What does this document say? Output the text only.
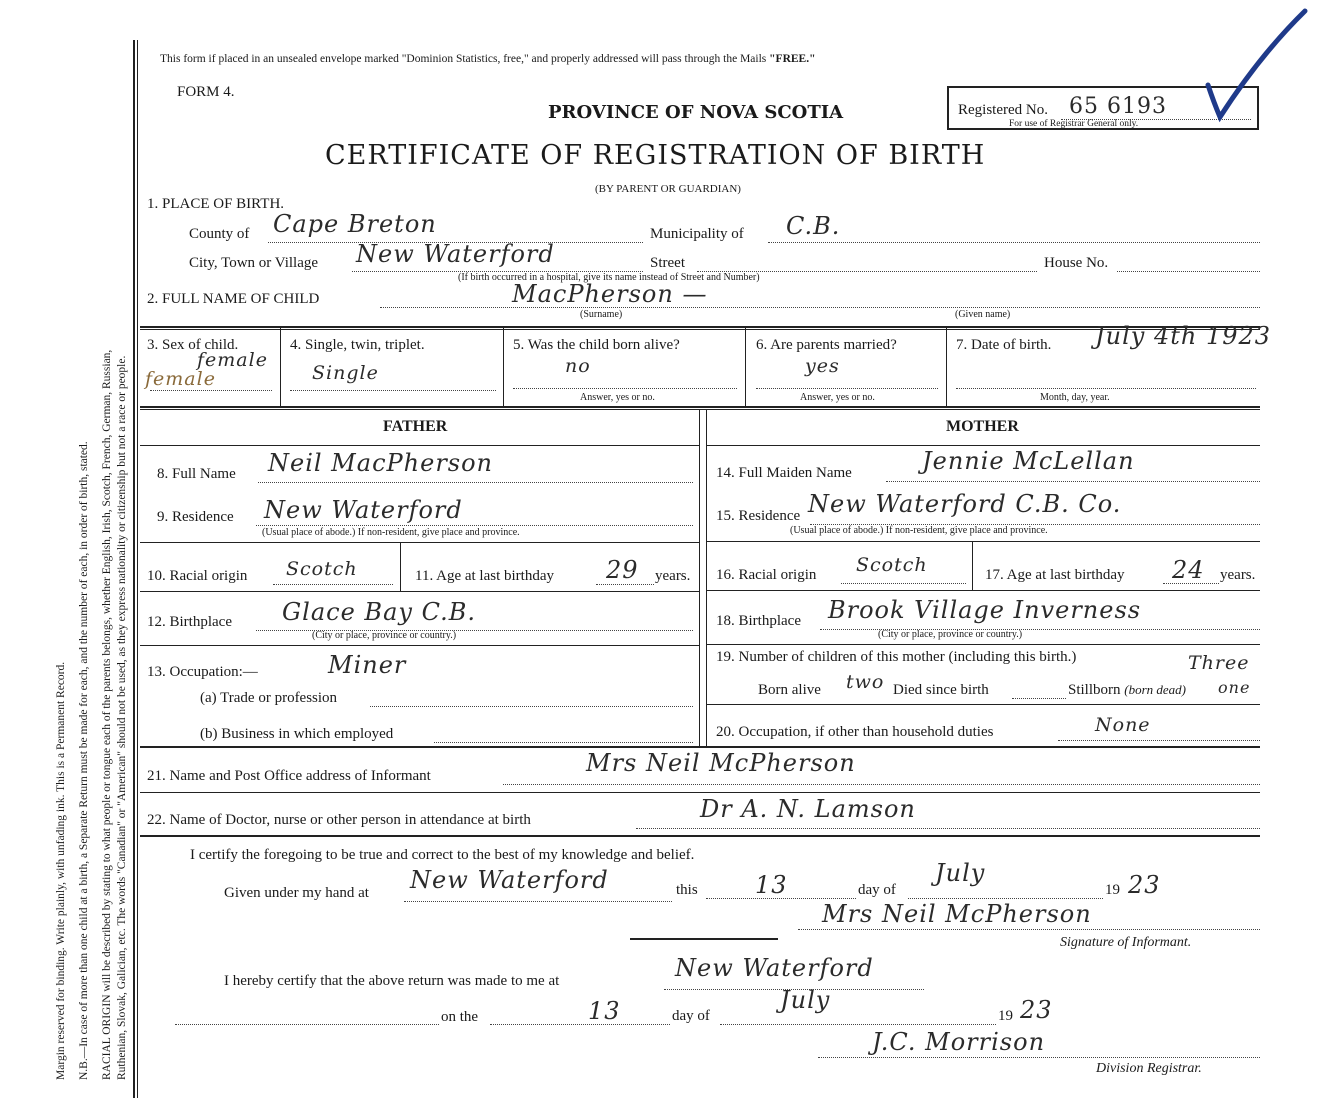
Margin reserved for binding. Write plainly, with unfading ink. This is a Permanent Record. N.B.—In case of more than one child at a birth, a Separate Return must be made for each, and the number of each, in order of birth, stated. RACIAL ORIGIN will be described by stating to what people or tongue each of the parents belongs, whether English, Irish, Scotch, French, German, Russian, Ruthenian, Slovak, Galician, etc. The words "Canadian" or "American" should not be used, as they express nationality or citizenship but not a race or people.
This form if placed in an unsealed envelope marked "Dominion Statistics, free," and properly addressed will pass through the Mails "FREE."
FORM 4.
PROVINCE OF NOVA SCOTIA
CERTIFICATE OF REGISTRATION OF BIRTH
(BY PARENT OR GUARDIAN)
Registered No. 65 6193
For use of Registrar General only.
1. PLACE OF BIRTH.
County of Cape Breton	Municipality of C.B.
City, Town or Village New Waterford	Street	House No.
(If birth occurred in a hospital, give its name instead of Street and Number)
2. FULL NAME OF CHILD	MacPherson —
(Surname)	(Given name)
3. Sex of child.
female
female
4. Single, twin, triplet.
Single
5. Was the child born alive?
no
Answer, yes or no.
6. Are parents married?
yes
Answer, yes or no.
7. Date of birth. July 4th 1923
Month, day, year.
FATHER	MOTHER
8. Full Name Neil MacPherson
9. Residence New Waterford
(Usual place of abode.) If non-resident, give place and province.
10. Racial origin Scotch	11. Age at last birthday 29 years.
12. Birthplace Glace Bay C.B.
(City or place, province or country.)
13. Occupation:—	Miner
(a) Trade or profession
(b) Business in which employed
14. Full Maiden Name	Jennie McLellan
15. Residence New Waterford C.B. Co.
(Usual place of abode.) If non-resident, give place and province.
16. Racial origin Scotch	17. Age at last birthday 24 years.
18. Birthplace Brook Village Inverness
(City or place, province or country.)
19. Number of children of this mother (including this birth.)	Three
Born alive two Died since birth	Stillborn (born dead) one
20. Occupation, if other than household duties	None
21. Name and Post Office address of Informant	Mrs Neil McPherson
22. Name of Doctor, nurse or other person in attendance at birth	Dr A. N. Lamson
I certify the foregoing to be true and correct to the best of my knowledge and belief.
Given under my hand at New Waterford	this 13	day of
July
19 23
Mrs Neil McPherson
Signature of Informant.
I hereby certify that the above return was made to me at	New Waterford
on the	13	day of
July
19 23
J.C. Morrison
Division Registrar.
